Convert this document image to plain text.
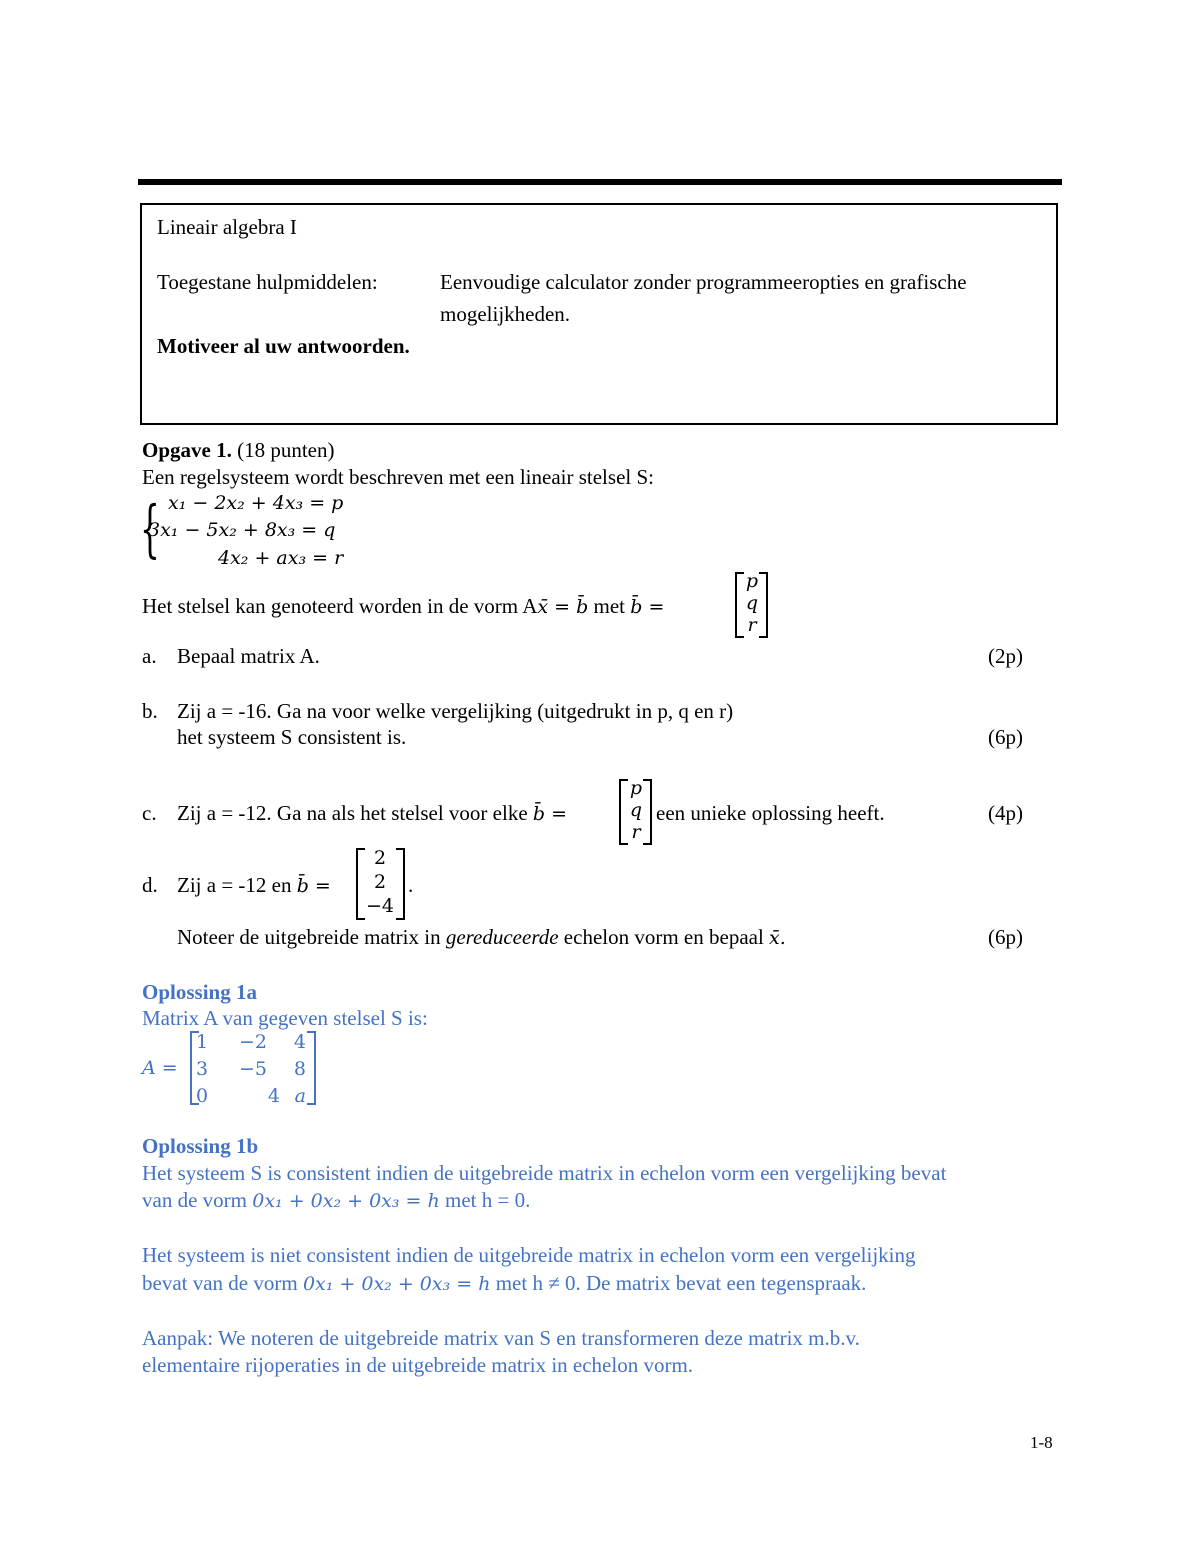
Lineair algebra I
Toegestane hulpmiddelen:	Eenvoudige calculator zonder programmeeropties en grafische
mogelijkheden.
Motiveer al uw antwoorden.
Opgave 1. (18 punten)
Een regelsysteem wordt beschreven met een lineair stelsel S:
{ x₁ − 2x₂ + 4x₃ = p
3x₁ − 5x₂ + 8x₃ = q
4x₂ + ax₃ = r
Het stelsel kan genoteerd worden in de vorm Ax̄ = b̄ met b̄ =
p
q
r
a. Bepaal matrix A.	(2p)
b. Zij a = -16. Ga na voor welke vergelijking (uitgedrukt in p, q en r)
het systeem S consistent is.	(6p)
c. Zij a = -12. Ga na als het stelsel voor elke b̄ =
p
q
r
een unieke oplossing heeft.	(4p)
d. Zij a = -12 en b̄ =
2
2
−4
.
Noteer de uitgebreide matrix in gereduceerde echelon vorm en bepaal x̄.	(6p)
Oplossing 1a
Matrix A van gegeven stelsel S is:
A =
1 −2 4
3 −5 8
0	4 a
Oplossing 1b
Het systeem S is consistent indien de uitgebreide matrix in echelon vorm een vergelijking bevat
van de vorm 0x₁ + 0x₂ + 0x₃ = h met h = 0.
Het systeem is niet consistent indien de uitgebreide matrix in echelon vorm een vergelijking
bevat van de vorm 0x₁ + 0x₂ + 0x₃ = h met h ≠ 0. De matrix bevat een tegenspraak.
Aanpak: We noteren de uitgebreide matrix van S en transformeren deze matrix m.b.v.
elementaire rijoperaties in de uitgebreide matrix in echelon vorm.
1-8
